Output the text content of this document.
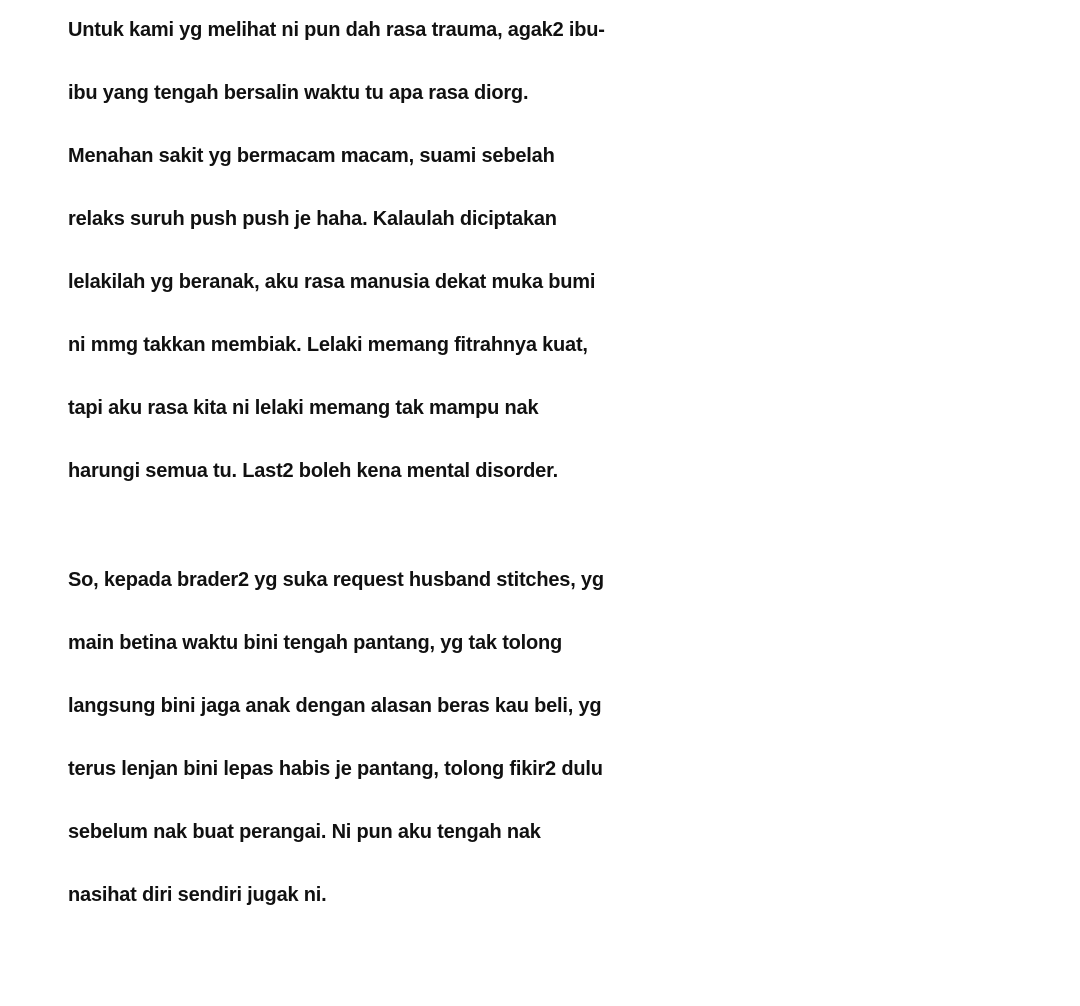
Untuk kami yg melihat ni pun dah rasa trauma, agak2 ibu-
ibu yang tengah bersalin waktu tu apa rasa diorg.
Menahan sakit yg bermacam macam, suami sebelah
relaks suruh push push je haha. Kalaulah diciptakan
lelakilah yg beranak, aku rasa manusia dekat muka bumi
ni mmg takkan membiak. Lelaki memang fitrahnya kuat,
tapi aku rasa kita ni lelaki memang tak mampu nak
harungi semua tu. Last2 boleh kena mental disorder.

So, kepada brader2 yg suka request husband stitches, yg
main betina waktu bini tengah pantang, yg tak tolong
langsung bini jaga anak dengan alasan beras kau beli, yg
terus lenjan bini lepas habis je pantang, tolong fikir2 dulu
sebelum nak buat perangai. Ni pun aku tengah nak
nasihat diri sendiri jugak ni.
